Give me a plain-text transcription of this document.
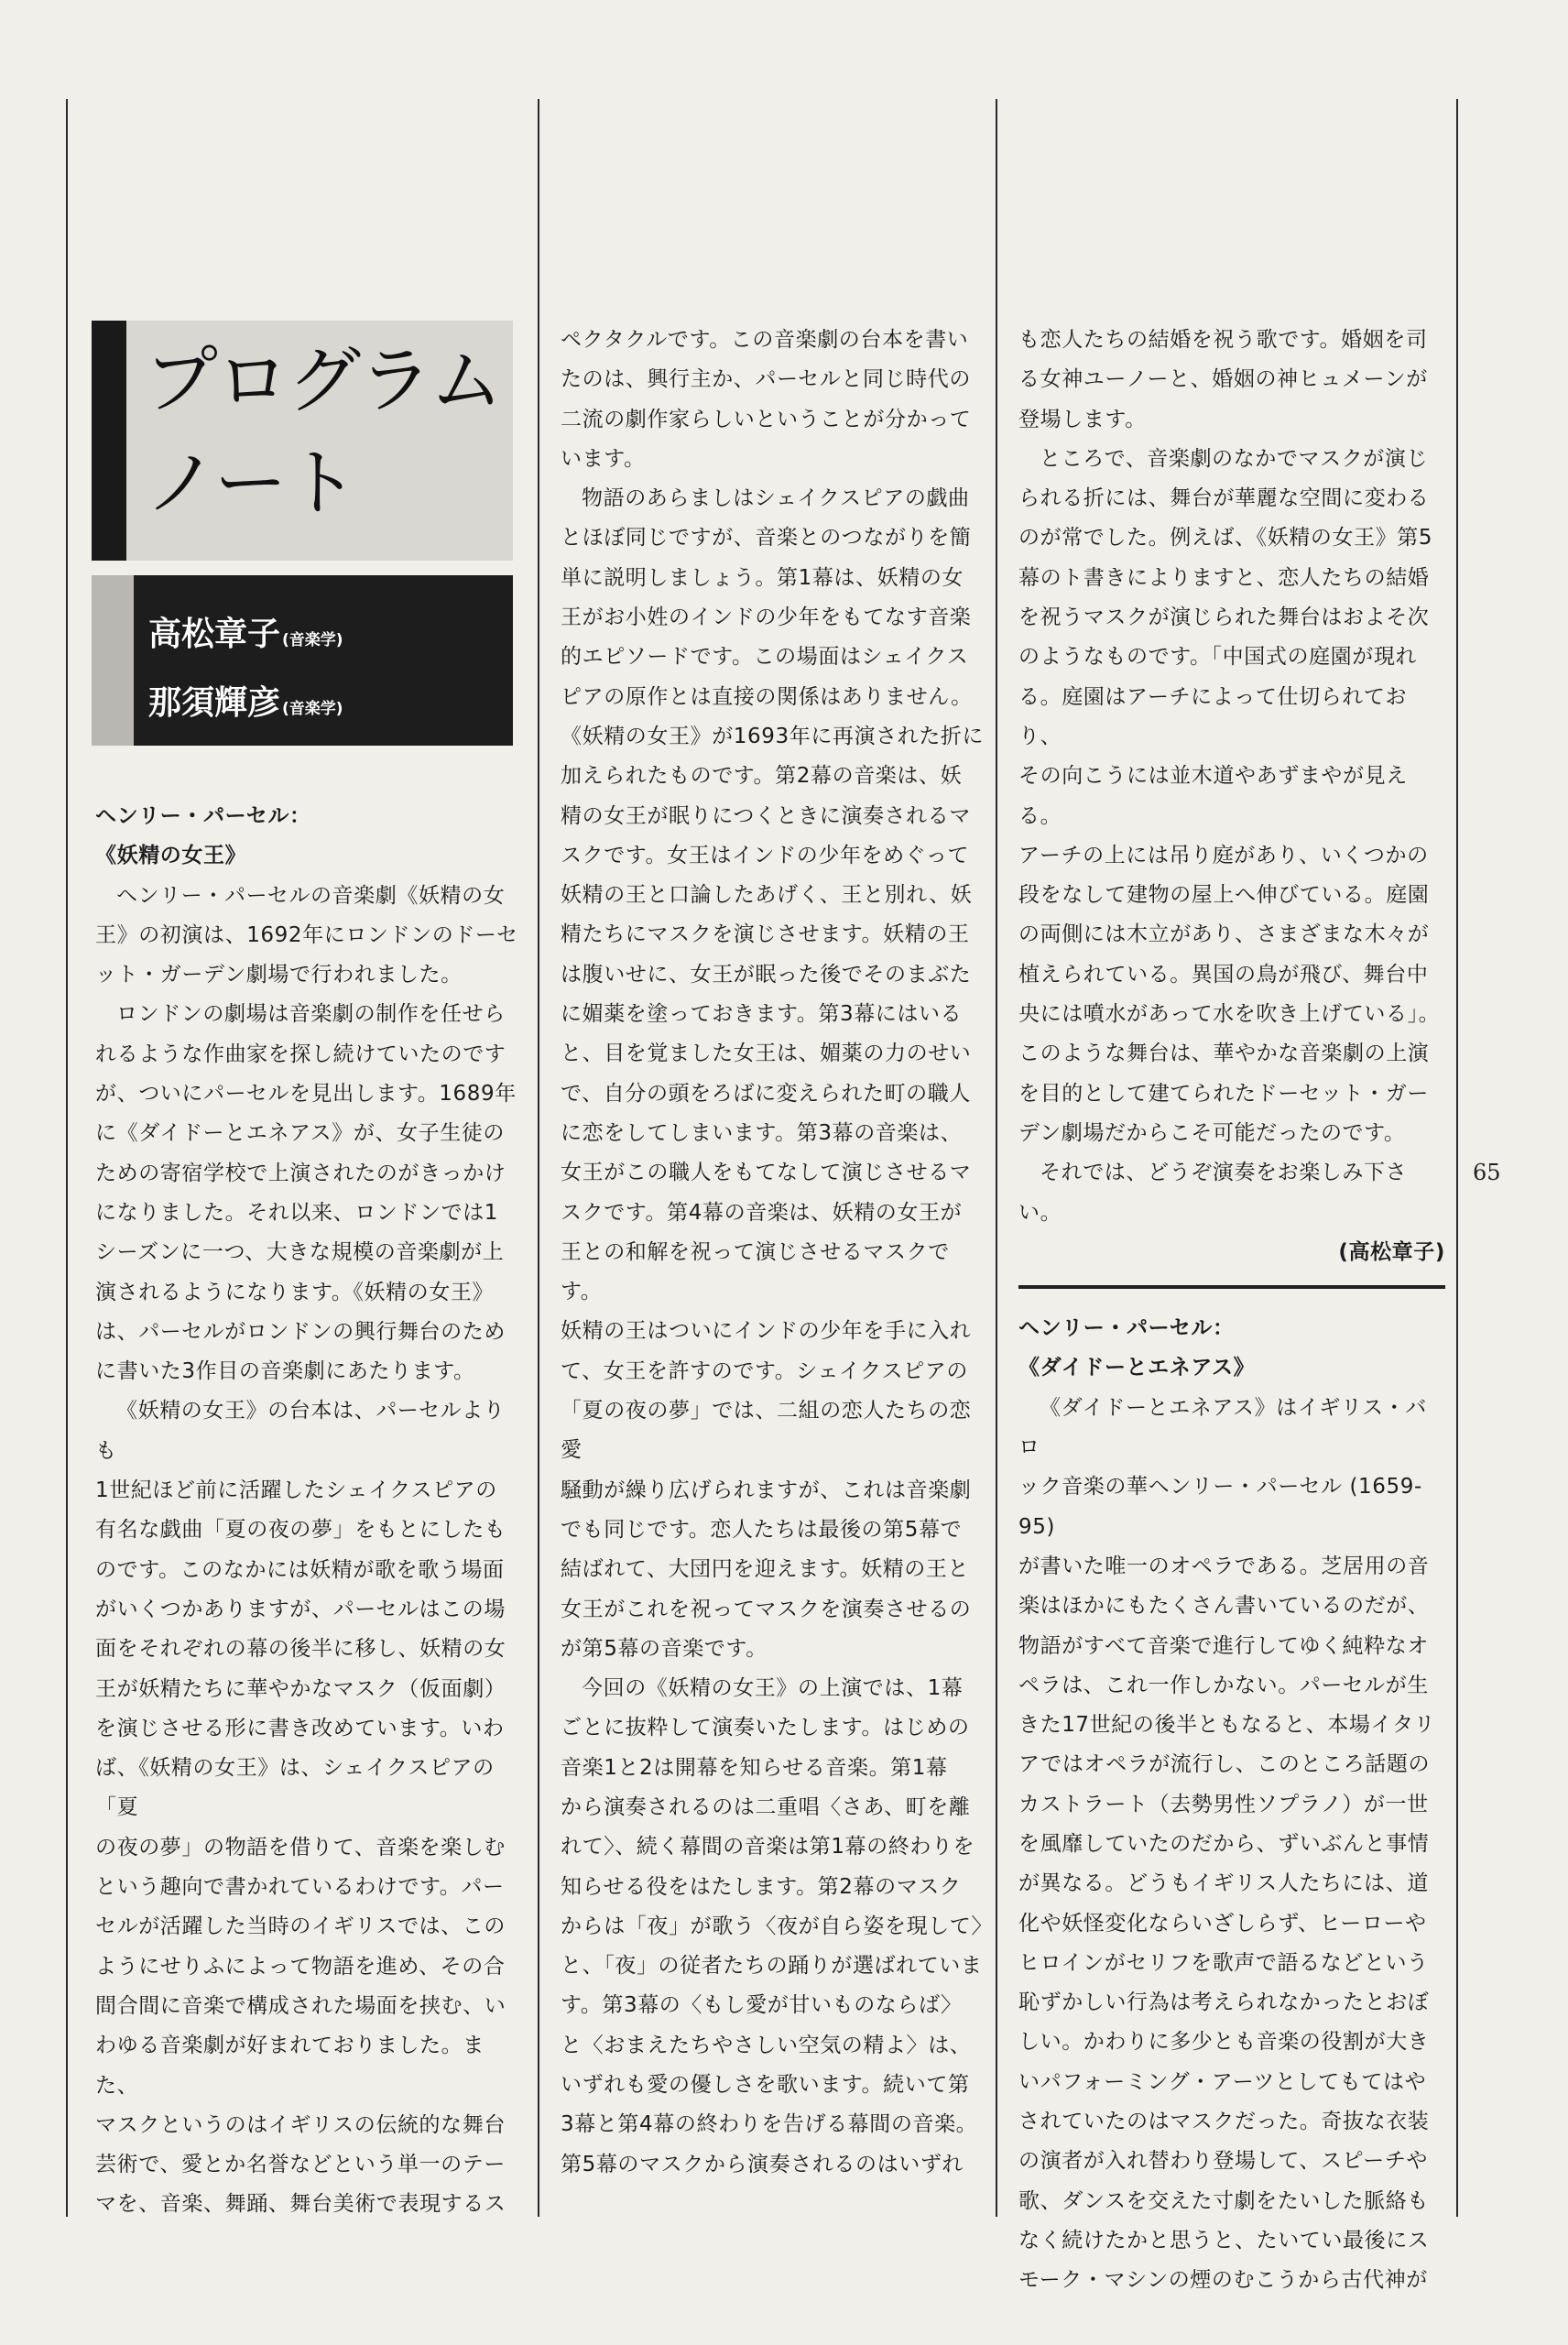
プログラム
ノート
高松章子 (音楽学)
那須輝彦 (音楽学)

ヘンリー・パーセル：

《妖精の女王》

ヘンリー・パーセルの音楽劇《妖精の女

王》の初演は、1692年にロンドンのドーセ

ット・ガーデン劇場で行われました。

ロンドンの劇場は音楽劇の制作を任せら

れるような作曲家を探し続けていたのです

が、ついにパーセルを見出します。1689年

に《ダイドーとエネアス》が、女子生徒の

ための寄宿学校で上演されたのがきっかけ

になりました。それ以来、ロンドンでは1

シーズンに一つ、大きな規模の音楽劇が上

演されるようになります。《妖精の女王》

は、パーセルがロンドンの興行舞台のため

に書いた3作目の音楽劇にあたります。

《妖精の女王》の台本は、パーセルよりも

1世紀ほど前に活躍したシェイクスピアの

有名な戯曲「夏の夜の夢」をもとにしたも

のです。このなかには妖精が歌を歌う場面

がいくつかありますが、パーセルはこの場

面をそれぞれの幕の後半に移し、妖精の女

王が妖精たちに華やかなマスク（仮面劇）

を演じさせる形に書き改めています。いわ

ば、《妖精の女王》は、シェイクスピアの「夏

の夜の夢」の物語を借りて、音楽を楽しむ

という趣向で書かれているわけです。パー

セルが活躍した当時のイギリスでは、この

ようにせりふによって物語を進め、その合

間合間に音楽で構成された場面を挟む、い

わゆる音楽劇が好まれておりました。また、

マスクというのはイギリスの伝統的な舞台

芸術で、愛とか名誉などという単一のテー

マを、音楽、舞踊、舞台美術で表現するス

ペクタクルです。この音楽劇の台本を書い

たのは、興行主か、パーセルと同じ時代の

二流の劇作家らしいということが分かって

います。

物語のあらましはシェイクスピアの戯曲

とほぼ同じですが、音楽とのつながりを簡

単に説明しましょう。第1幕は、妖精の女

王がお小姓のインドの少年をもてなす音楽

的エピソードです。この場面はシェイクス

ピアの原作とは直接の関係はありません。

《妖精の女王》が1693年に再演された折に

加えられたものです。第2幕の音楽は、妖

精の女王が眠りにつくときに演奏されるマ

スクです。女王はインドの少年をめぐって

妖精の王と口論したあげく、王と別れ、妖

精たちにマスクを演じさせます。妖精の王

は腹いせに、女王が眠った後でそのまぶた

に媚薬を塗っておきます。第3幕にはいる

と、目を覚ました女王は、媚薬の力のせい

で、自分の頭をろばに変えられた町の職人

に恋をしてしまいます。第3幕の音楽は、

女王がこの職人をもてなして演じさせるマ

スクです。第4幕の音楽は、妖精の女王が

王との和解を祝って演じさせるマスクです。

妖精の王はついにインドの少年を手に入れ

て、女王を許すのです。シェイクスピアの

「夏の夜の夢」では、二組の恋人たちの恋愛

騒動が繰り広げられますが、これは音楽劇

でも同じです。恋人たちは最後の第5幕で

結ばれて、大団円を迎えます。妖精の王と

女王がこれを祝ってマスクを演奏させるの

が第5幕の音楽です。

今回の《妖精の女王》の上演では、1幕

ごとに抜粋して演奏いたします。はじめの

音楽1と2は開幕を知らせる音楽。第1幕

から演奏されるのは二重唱〈さあ、町を離

れて〉、続く幕間の音楽は第1幕の終わりを

知らせる役をはたします。第2幕のマスク

からは「夜」が歌う〈夜が自ら姿を現して〉

と、「夜」の従者たちの踊りが選ばれていま

す。第3幕の〈もし愛が甘いものならば〉

と〈おまえたちやさしい空気の精よ〉は、

いずれも愛の優しさを歌います。続いて第

3幕と第4幕の終わりを告げる幕間の音楽。

第5幕のマスクから演奏されるのはいずれ

も恋人たちの結婚を祝う歌です。婚姻を司

る女神ユーノーと、婚姻の神ヒュメーンが

登場します。

ところで、音楽劇のなかでマスクが演じ

られる折には、舞台が華麗な空間に変わる

のが常でした。例えば、《妖精の女王》第5

幕のト書きによりますと、恋人たちの結婚

を祝うマスクが演じられた舞台はおよそ次

のようなものです。「中国式の庭園が現れ

る。庭園はアーチによって仕切られており、

その向こうには並木道やあずまやが見える。

アーチの上には吊り庭があり、いくつかの

段をなして建物の屋上へ伸びている。庭園

の両側には木立があり、さまざまな木々が

植えられている。異国の鳥が飛び、舞台中

央には噴水があって水を吹き上げている」。

このような舞台は、華やかな音楽劇の上演

を目的として建てられたドーセット・ガー

デン劇場だからこそ可能だったのです。

それでは、どうぞ演奏をお楽しみ下さい。

(高松章子)

ヘンリー・パーセル：

《ダイドーとエネアス》

《ダイドーとエネアス》はイギリス・バロ

ック音楽の華ヘンリー・パーセル (1659-95)

が書いた唯一のオペラである。芝居用の音

楽はほかにもたくさん書いているのだが、

物語がすべて音楽で進行してゆく純粋なオ

ペラは、これ一作しかない。パーセルが生

きた17世紀の後半ともなると、本場イタリ

アではオペラが流行し、このところ話題の

カストラート（去勢男性ソプラノ）が一世

を風靡していたのだから、ずいぶんと事情

が異なる。どうもイギリス人たちには、道

化や妖怪変化ならいざしらず、ヒーローや

ヒロインがセリフを歌声で語るなどという

恥ずかしい行為は考えられなかったとおぼ

しい。かわりに多少とも音楽の役割が大き

いパフォーミング・アーツとしてもてはや

されていたのはマスクだった。奇抜な衣装

の演者が入れ替わり登場して、スピーチや

歌、ダンスを交えた寸劇をたいした脈絡も

なく続けたかと思うと、たいてい最後にス

モーク・マシンの煙のむこうから古代神が

65
